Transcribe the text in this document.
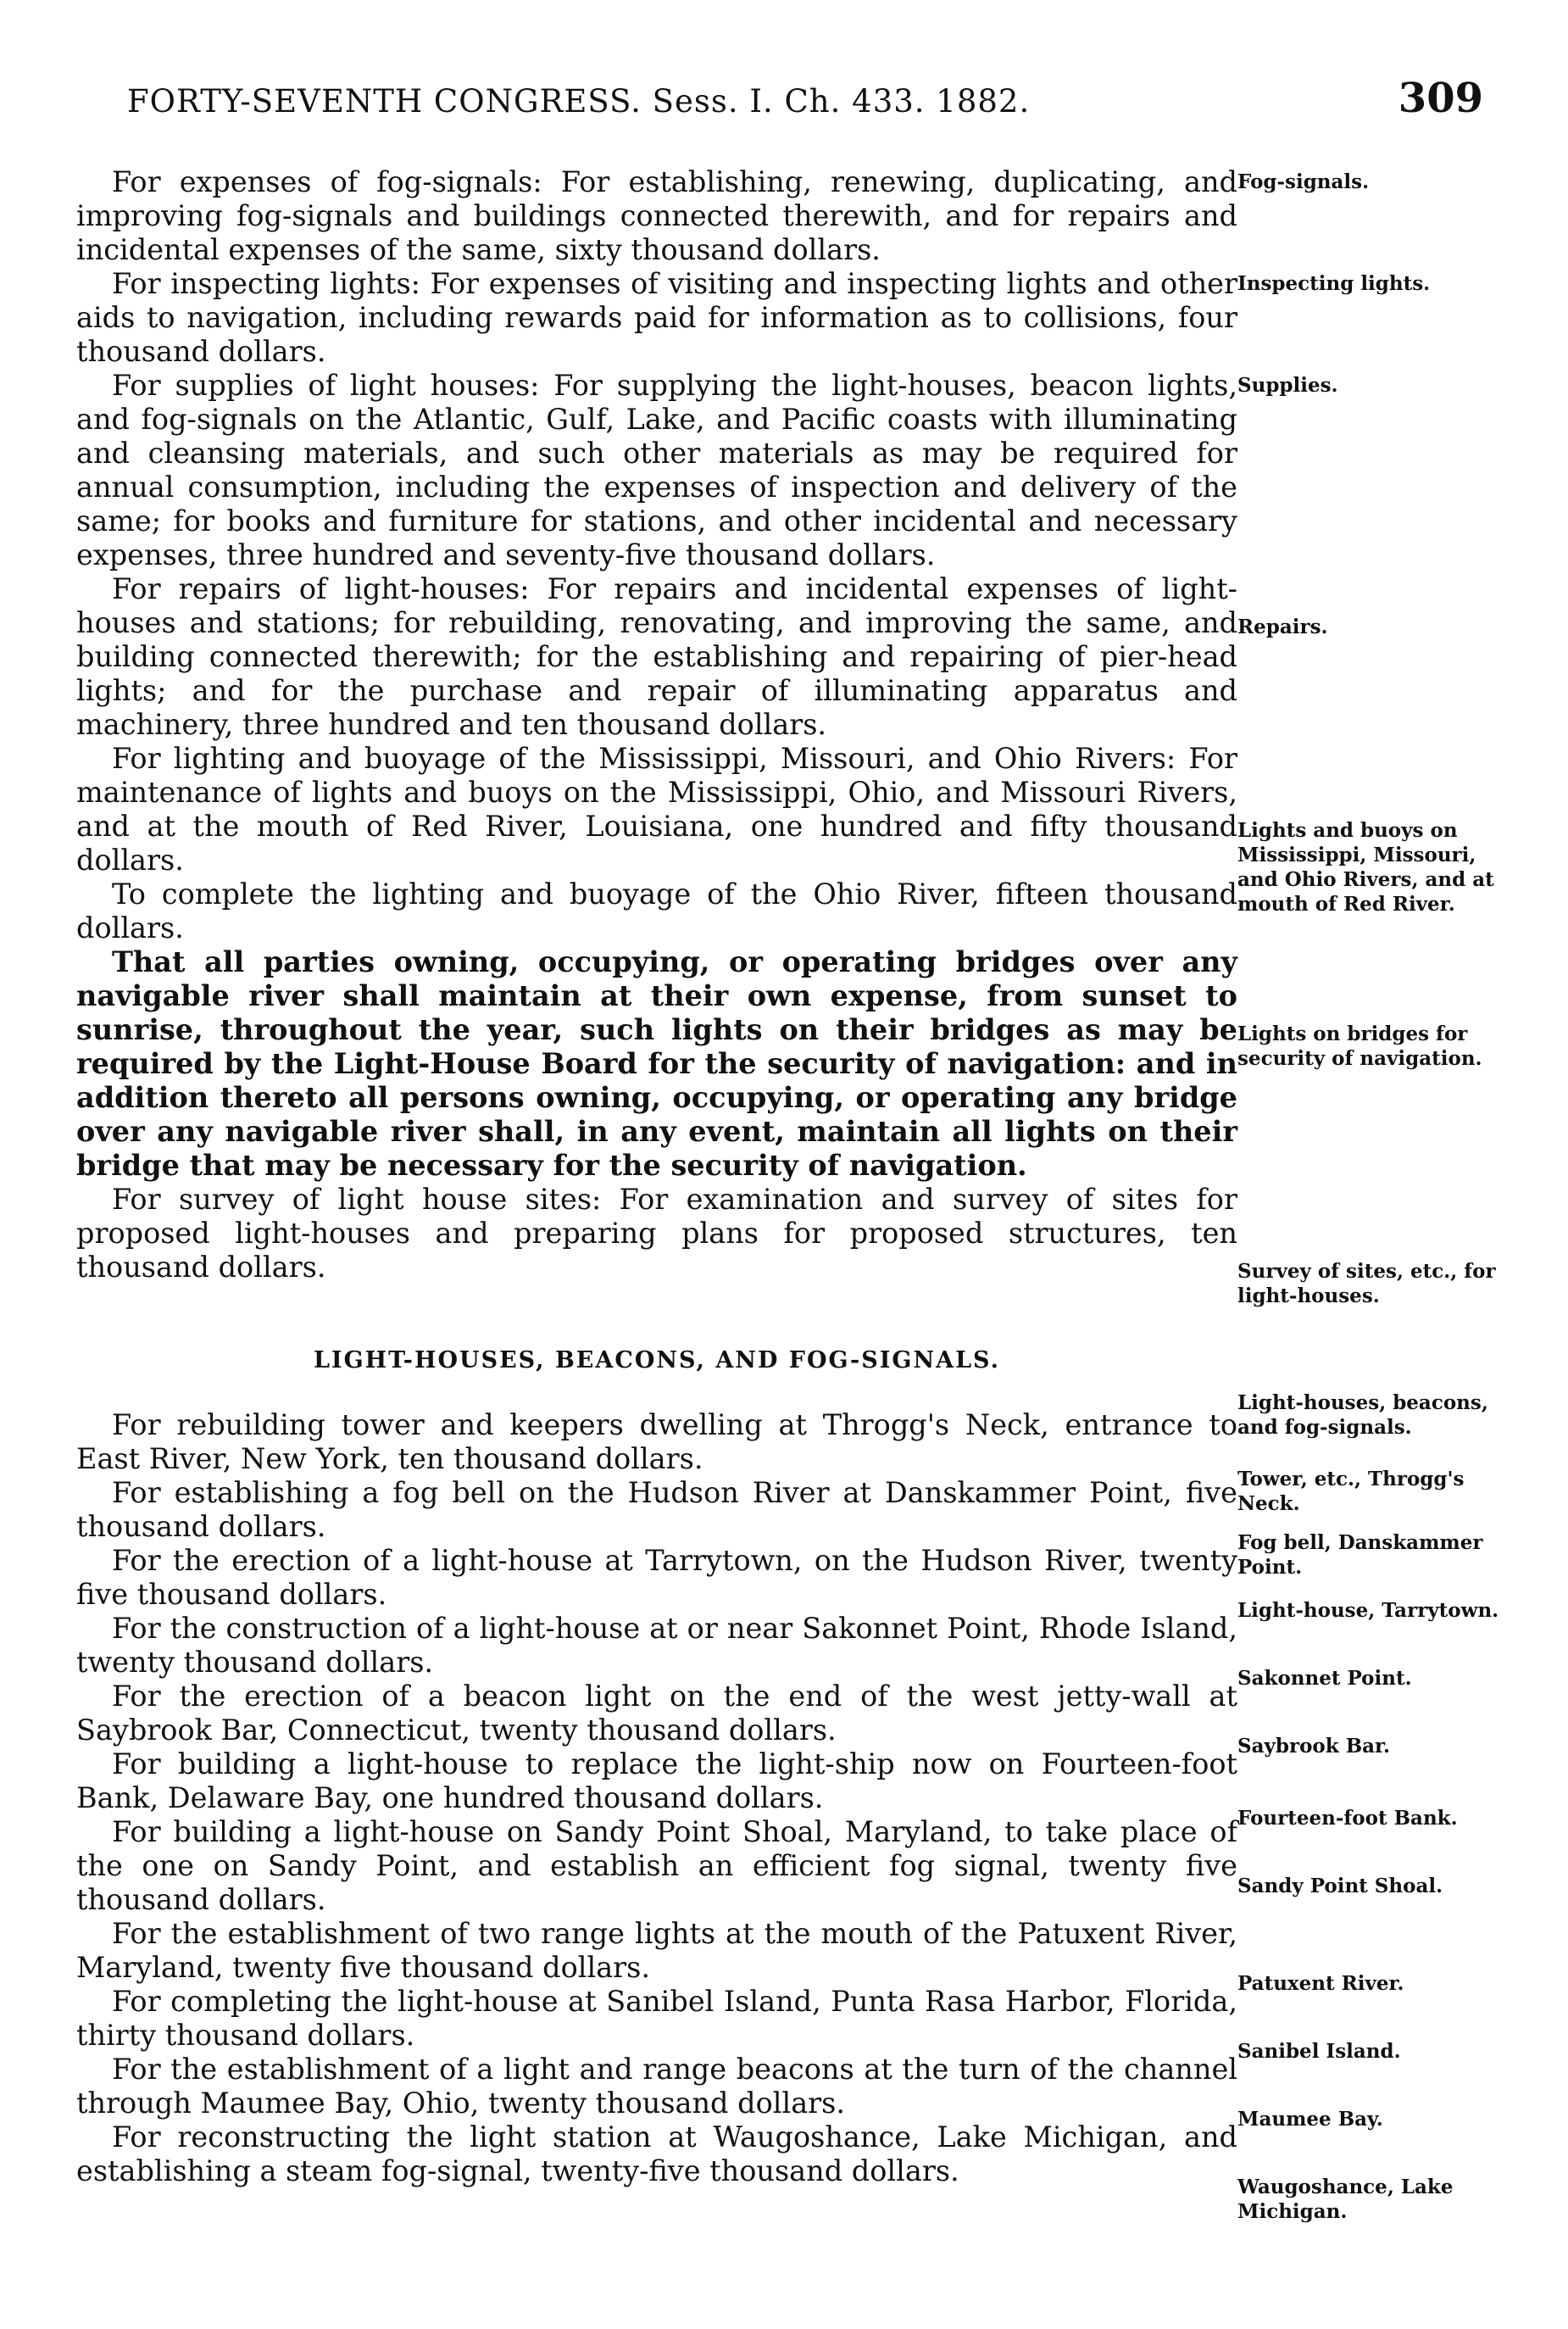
FORTY-SEVENTH CONGRESS. Sess. I. Ch. 433. 1882.	309

For expenses of fog-signals: For establishing, renewing, duplicating, and improving fog-signals and buildings connected therewith, and for repairs and incidental expenses of the same, sixty thousand dollars.

For inspecting lights: For expenses of visiting and inspecting lights and other aids to navigation, including rewards paid for information as to collisions, four thousand dollars.

For supplies of light houses: For supplying the light-houses, beacon lights, and fog-signals on the Atlantic, Gulf, Lake, and Pacific coasts with illuminating and cleansing materials, and such other materials as may be required for annual consumption, including the expenses of inspection and delivery of the same; for books and furniture for stations, and other incidental and necessary expenses, three hundred and seventy-five thousand dollars.

For repairs of light-houses: For repairs and incidental expenses of light-houses and stations; for rebuilding, renovating, and improving the same, and building connected therewith; for the establishing and repairing of pier-head lights; and for the purchase and repair of illuminating apparatus and machinery, three hundred and ten thousand dollars.

For lighting and buoyage of the Mississippi, Missouri, and Ohio Rivers: For maintenance of lights and buoys on the Mississippi, Ohio, and Missouri Rivers, and at the mouth of Red River, Louisiana, one hundred and fifty thousand dollars.

To complete the lighting and buoyage of the Ohio River, fifteen thousand dollars.

That all parties owning, occupying, or operating bridges over any navigable river shall maintain at their own expense, from sunset to sunrise, throughout the year, such lights on their bridges as may be required by the Light-House Board for the security of navigation: and in addition thereto all persons owning, occupying, or operating any bridge over any navigable river shall, in any event, maintain all lights on their bridge that may be necessary for the security of navigation.

For survey of light house sites: For examination and survey of sites for proposed light-houses and preparing plans for proposed structures, ten thousand dollars.

LIGHT-HOUSES, BEACONS, AND FOG-SIGNALS.

For rebuilding tower and keepers dwelling at Throgg's Neck, entrance to East River, New York, ten thousand dollars.

For establishing a fog bell on the Hudson River at Danskammer Point, five thousand dollars.

For the erection of a light-house at Tarrytown, on the Hudson River, twenty five thousand dollars.

For the construction of a light-house at or near Sakonnet Point, Rhode Island, twenty thousand dollars.

For the erection of a beacon light on the end of the west jetty-wall at Saybrook Bar, Connecticut, twenty thousand dollars.

For building a light-house to replace the light-ship now on Fourteen-foot Bank, Delaware Bay, one hundred thousand dollars.

For building a light-house on Sandy Point Shoal, Maryland, to take place of the one on Sandy Point, and establish an efficient fog signal, twenty five thousand dollars.

For the establishment of two range lights at the mouth of the Patuxent River, Maryland, twenty five thousand dollars.

For completing the light-house at Sanibel Island, Punta Rasa Harbor, Florida, thirty thousand dollars.

For the establishment of a light and range beacons at the turn of the channel through Maumee Bay, Ohio, twenty thousand dollars.

For reconstructing the light station at Waugoshance, Lake Michigan, and establishing a steam fog-signal, twenty-five thousand dollars.

Fog-signals.
Inspecting lights.
Supplies.
Repairs.
Lights and buoys on Mississippi, Missouri, and Ohio Rivers, and at mouth of Red River.
Lights on bridges for security of navigation.
Survey of sites, etc., for light-houses.
Light-houses, beacons, and fog-signals.
Tower, etc., Throgg's Neck.
Fog bell, Danskammer Point.
Light-house, Tarrytown.
Sakonnet Point.
Saybrook Bar.
Fourteen-foot Bank.
Sandy Point Shoal.
Patuxent River.
Sanibel Island.
Maumee Bay.
Waugoshance, Lake Michigan.
